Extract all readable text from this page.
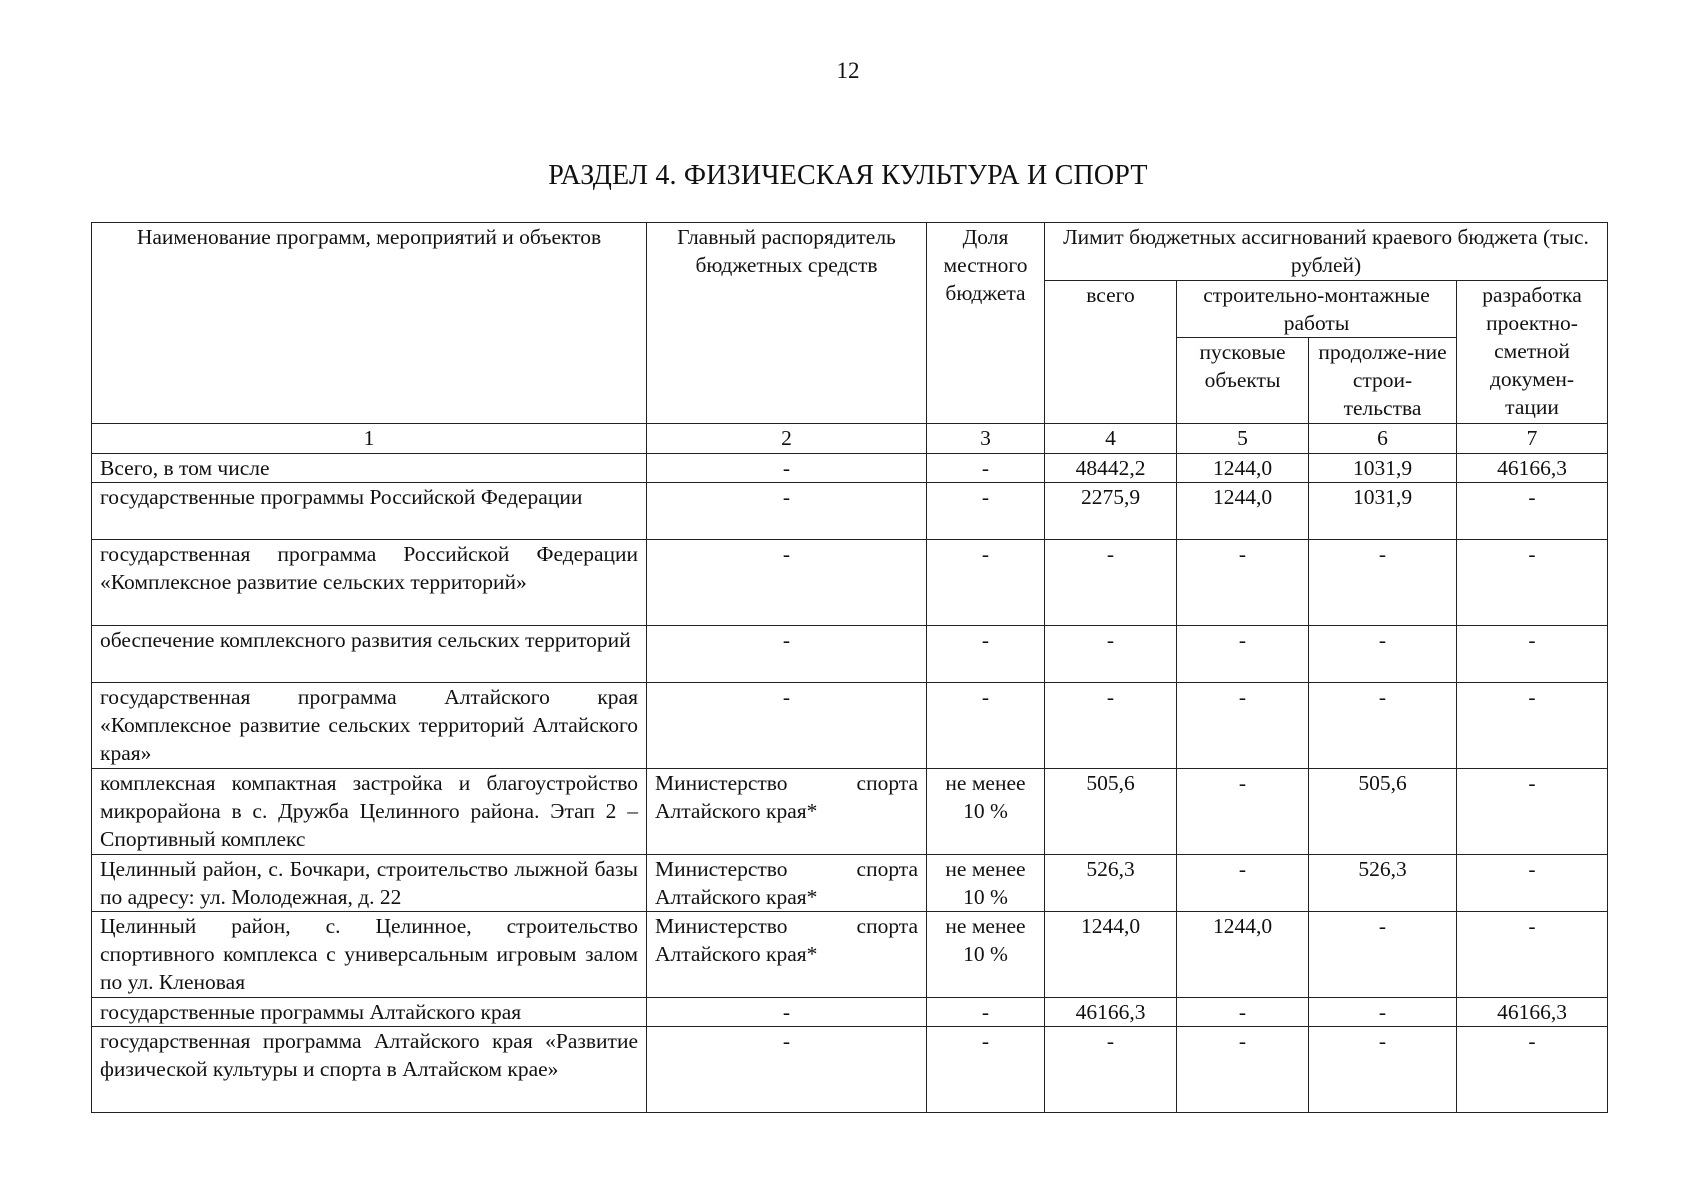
12
РАЗДЕЛ 4. ФИЗИЧЕСКАЯ КУЛЬТУРА И СПОРТ
Наименование программ, мероприятий и объектов	Главный распорядитель бюджетных средств	Доля местного бюджета	Лимит бюджетных ассигнований краевого бюджета (тыс. рублей)			
			всего	строительно-монтажные работы		разработка проектно-сметной докумен-тации
				пусковые объекты	продолже-ние строи-тельства	

1	2	3	4	5	6	7
Всего, в том числе	-	-	48442,2	1244,0	1031,9	46166,3
государственные программы Российской Федерации	-	-	2275,9	1244,0	1031,9	-
государственная программа Российской Федерации «Комплексное развитие сельских территорий»	-	-	-	-	-	-
обеспечение комплексного развития сельских территорий	-	-	-	-	-	-
государственная программа Алтайского края «Комплексное развитие сельских территорий Алтайского края»	-	-	-	-	-	-
комплексная компактная застройка и благоустройство микрорайона в с. Дружба Целинного района. Этап 2 – Спортивный комплекс	Министерство спорта Алтайского края*	не менее 10 %	505,6	-	505,6	-
Целинный район, с. Бочкари, строительство лыжной базы по адресу: ул. Молодежная, д. 22	Министерство спорта Алтайского края*	не менее 10 %	526,3	-	526,3	-
Целинный район, с. Целинное, строительство спортивного комплекса с универсальным игровым залом по ул. Кленовая	Министерство спорта Алтайского края*	не менее 10 %	1244,0	1244,0	-	-
государственные программы Алтайского края	-	-	46166,3	-	-	46166,3
государственная программа Алтайского края «Развитие физической культуры и спорта в Алтайском крае»	-	-	-	-	-	-
